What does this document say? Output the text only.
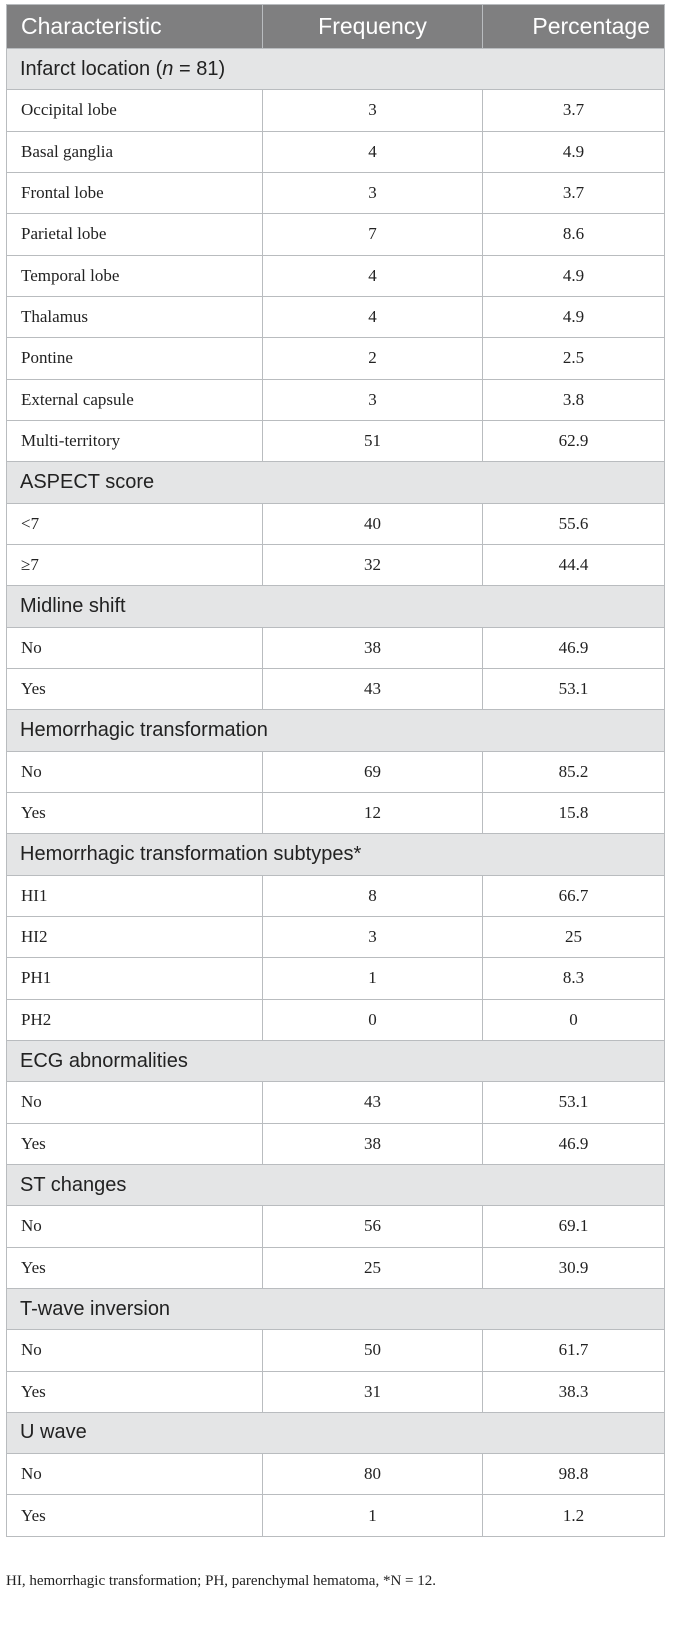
Characteristic	Frequency	Percentage
Infarct location (n = 81)		
Occipital lobe	3	3.7
Basal ganglia	4	4.9
Frontal lobe	3	3.7
Parietal lobe	7	8.6
Temporal lobe	4	4.9
Thalamus	4	4.9
Pontine	2	2.5
External capsule	3	3.8
Multi-territory	51	62.9
ASPECT score		
<7	40	55.6
≥7	32	44.4
Midline shift		
No	38	46.9
Yes	43	53.1
Hemorrhagic transformation		
No	69	85.2
Yes	12	15.8
Hemorrhagic transformation subtypes*		
HI1	8	66.7
HI2	3	25
PH1	1	8.3
PH2	0	0
ECG abnormalities		
No	43	53.1
Yes	38	46.9
ST changes		
No	56	69.1
Yes	25	30.9
T-wave inversion		
No	50	61.7
Yes	31	38.3
U wave		
No	80	98.8
Yes	1	1.2
HI, hemorrhagic transformation; PH, parenchymal hematoma, *N = 12.
